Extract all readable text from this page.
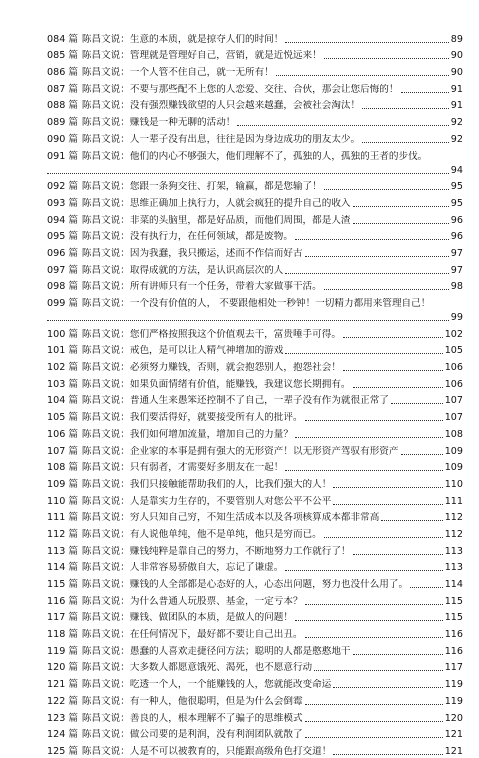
084 篇 陈昌文说：生意的本质，就是掠夺人们的时间！	89
085 篇 陈昌文说：管理就是管理好自己，营销，就是近悦远来！	90
086 篇 陈昌文说：一个人管不住自己，就一无所有！	90
087 篇 陈昌文说：不要与那些配不上您的人恋爱、交往、合伙，那会让您后悔的！	91
088 篇 陈昌文说：没有强烈赚钱欲望的人只会越来越蠢，会被社会淘汰！	91
089 篇 陈昌文说：赚钱是一种无聊的活动！	92
090 篇 陈昌文说：人一辈子没有出息，往往是因为身边成功的朋友太少。	92
091 篇 陈昌文说：他们的内心不够强大，他们理解不了，孤独的人，孤独的王者的步伐。
94
092 篇 陈昌文说：您跟一条狗交往、打架，输赢，都是您输了！	95
093 篇 陈昌文说：思维正确加上执行力，人就会疯狂的提升自己的收入	95
094 篇 陈昌文说：非菜的头脑里，都是好品质，而他们周围，都是人渣	96
095 篇 陈昌文说：没有执行力，在任何领域，都是废物。	96
096 篇 陈昌文说：因为我蠢，我只搬运，述而不作信而好古	97
097 篇 陈昌文说：取得成就的方法，是认识高层次的人	97
098 篇 陈昌文说：所有讲师只有一个任务，带着大家做事干活。	98
099 篇 陈昌文说：一个没有价值的人， 不要跟他相处一秒钟！一切精力都用来管理自己！
99
100 篇 陈昌文说：您们严格按照我这个价值观去干，富贵唾手可得。	102
101 篇 陈昌文说：戒色，是可以让人精气神增加的游戏	105
102 篇 陈昌文说：必须努力赚钱，否则，就会抱怨别人，抱怨社会！	106
103 篇 陈昌文说：如果负面情绪有价值，能赚钱，我建议您长期拥有。	106
104 篇 陈昌文说：普通人生来愚笨还控制不了自己，一辈子没有作为就很正常了	107
105 篇 陈昌文说：我们要活得好，就要接受所有人的批评。	107
106 篇 陈昌文说：我们如何增加流量，增加自己的力量？	108
107 篇 陈昌文说：企业家的本事是拥有强大的无形资产！以无形资产驾驭有形资产	109
108 篇 陈昌文说：只有弱者，才需要好多朋友在一起！	109
109 篇 陈昌文说：我们只接触能帮助我们的人，比我们强大的人！	110
110 篇 陈昌文说：人是靠实力生存的，不要管别人对您公平不公平	111
111 篇 陈昌文说：穷人只知自己穷，不知生活成本以及各项核算成本都非常高	112
112 篇 陈昌文说：有人说他单纯，他不是单纯，他只是穷而已。	112
113 篇 陈昌文说：赚钱纯粹是靠自己的努力，不断地努力工作就行了！	113
114 篇 陈昌文说：人非常容易骄傲自大，忘记了谦虚。	113
115 篇 陈昌文说：赚钱的人全部都是心态好的人，心态出问题，努力也没什么用了。	114
116 篇 陈昌文说：为什么普通人玩股票、基金，一定亏本？	115
117 篇 陈昌文说：赚钱、做团队的本质，是做人的问题！	115
118 篇 陈昌文说：在任何情况下，最好都不要让自己出丑。	116
119 篇 陈昌文说：愚蠢的人喜欢走捷径问方法；聪明的人都是憨憨地干	116
120 篇 陈昌文说：大多数人都愿意饿死、渴死，也不愿意行动	117
121 篇 陈昌文说：吃透一个人，一个能赚钱的人，您就能改变命运	119
122 篇 陈昌文说：有一种人，他很聪明，但是为什么会倒霉	119
123 篇 陈昌文说：善良的人，根本理解不了骗子的思维模式	120
124 篇 陈昌文说：做公司要的是利润，没有利润团队就散了	121
125 篇 陈昌文说：人是不可以被教育的，只能跟高级角色打交道！	121
